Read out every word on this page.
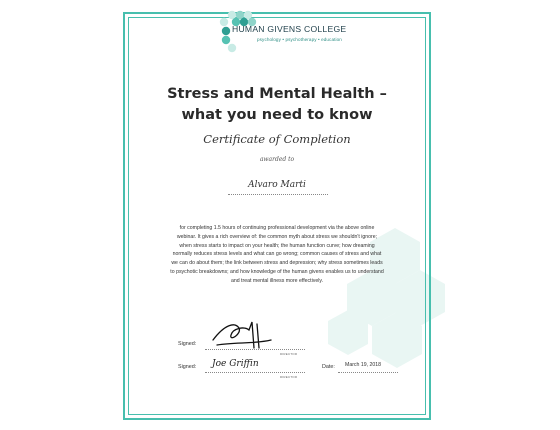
HUMAN GIVENS COLLEGE
psychology • psychotherapy • education
Stress and Mental Health –
what you need to know
Certificate of Completion
awarded to
Alvaro Marti
for completing 1.5 hours of continuing professional development via the above online webinar. It gives a rich overview of: the common myth about stress we shouldn't ignore; when stress starts to impact on your health; the human function curve; how dreaming normally reduces stress levels and what can go wrong; common causes of stress and what we can do about them; the link between stress and depression; why stress sometimes leads to psychotic breakdowns; and how knowledge of the human givens enables us to understand and treat mental illness more effectively.
Signed:
DIRECTOR
Signed: Joe Griffin
DIRECTOR
Date: March 19, 2018
